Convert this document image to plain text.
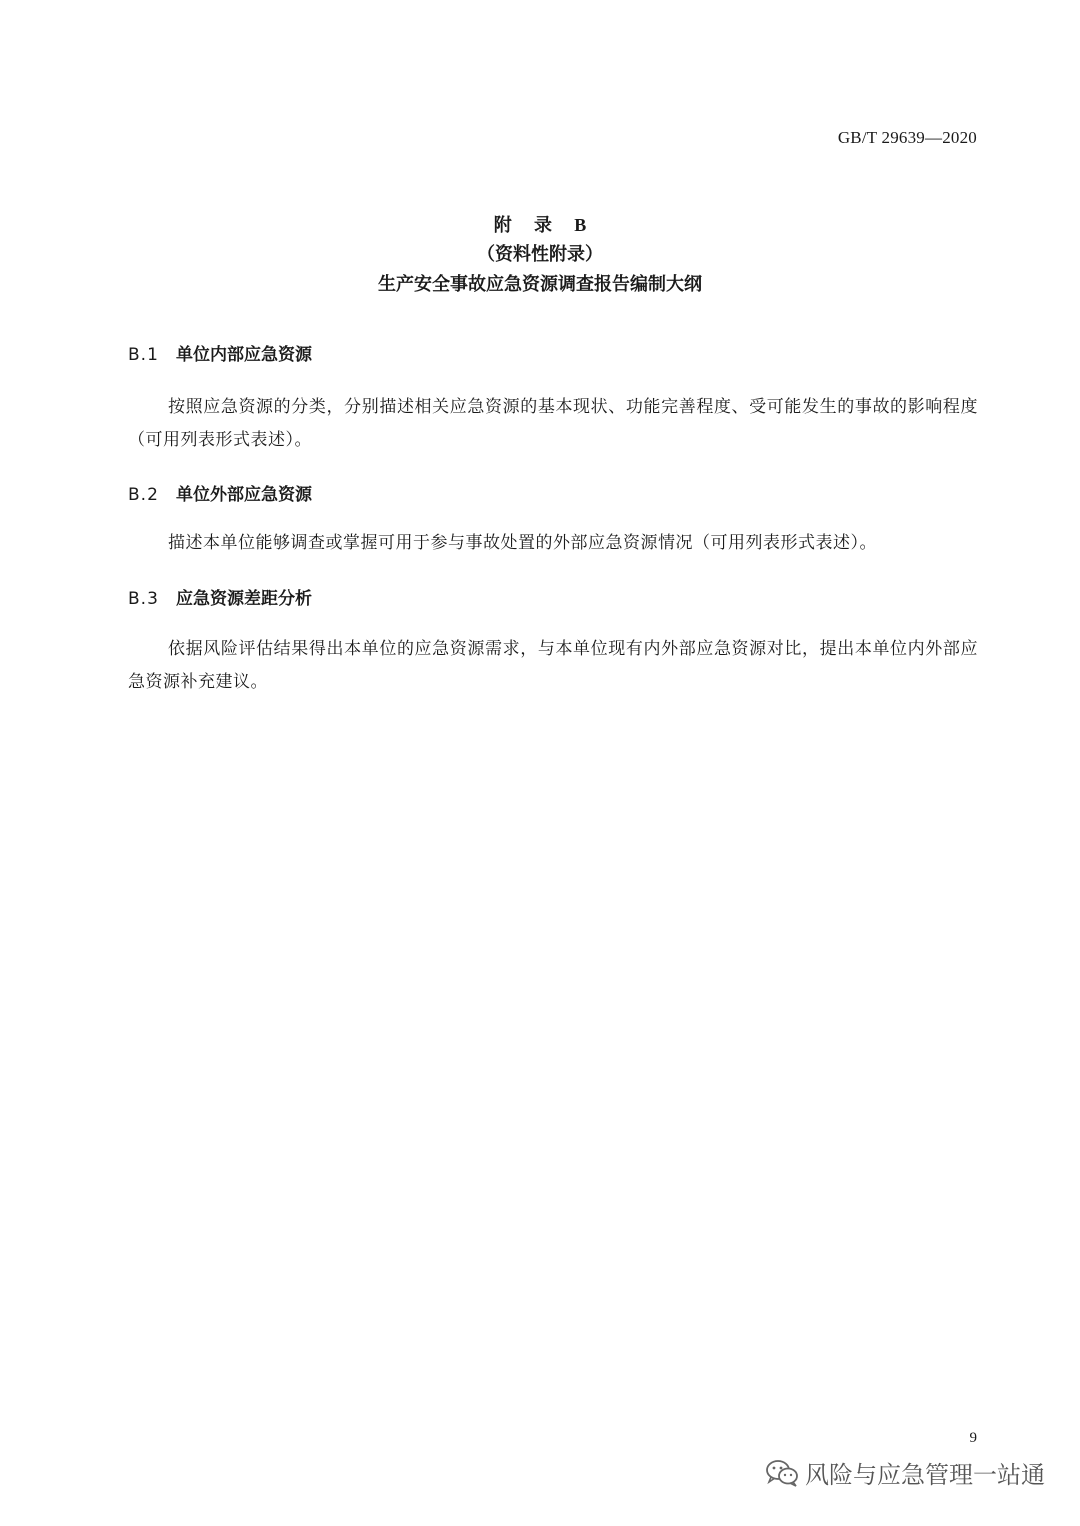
GB/T 29639—2020
附 录 B
（资料性附录）
生产安全事故应急资源调查报告编制大纲
B.1 单位内部应急资源
按照应急资源的分类，分别描述相关应急资源的基本现状、功能完善程度、受可能发生的事故的影响程度（可用列表形式表述）。
B.2 单位外部应急资源
描述本单位能够调查或掌握可用于参与事故处置的外部应急资源情况（可用列表形式表述）。
B.3 应急资源差距分析
依据风险评估结果得出本单位的应急资源需求，与本单位现有内外部应急资源对比，提出本单位内外部应急资源补充建议。
9
风险与应急管理一站通
